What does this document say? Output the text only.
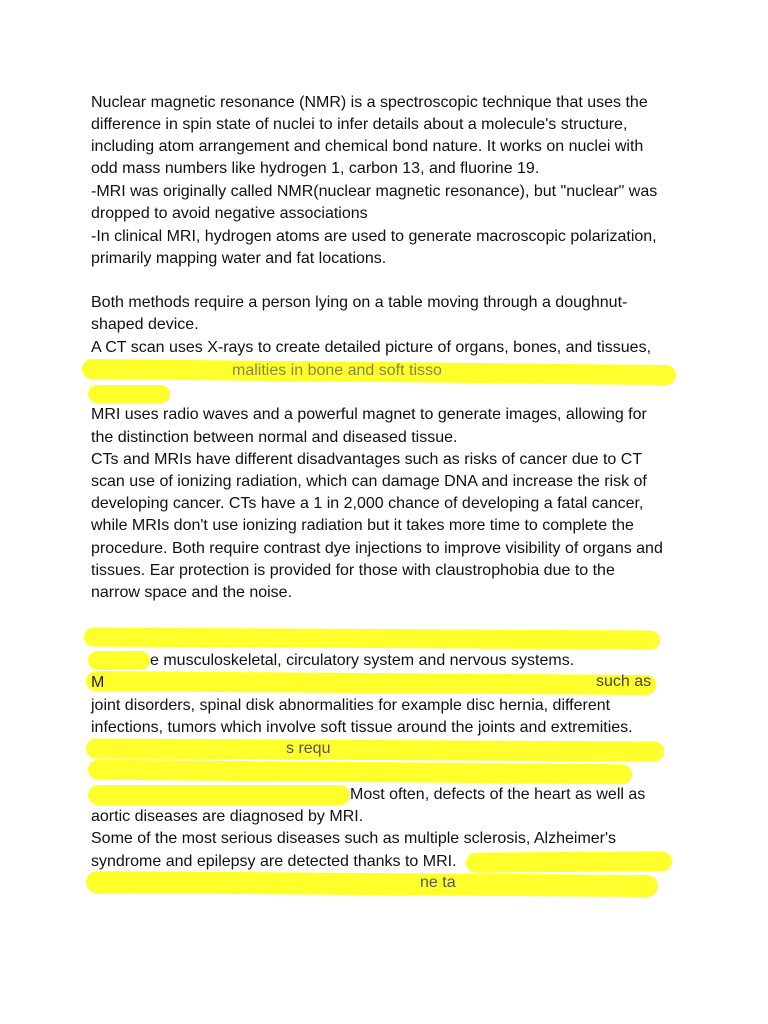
Nuclear magnetic resonance (NMR) is a spectroscopic technique that uses the
difference in spin state of nuclei to infer details about a molecule's structure,
including atom arrangement and chemical bond nature. It works on nuclei with
odd mass numbers like hydrogen 1, carbon 13, and fluorine 19.
-MRI was originally called NMR(nuclear magnetic resonance), but "nuclear" was
dropped to avoid negative associations
-In clinical MRI, hydrogen atoms are used to generate macroscopic polarization,
primarily mapping water and fat locations.
Both methods require a person lying on a table moving through a doughnut-
shaped device.
A CT scan uses X-rays to create detailed picture of organs, bones, and tissues,
malities in bone and soft tisso
MRI uses radio waves and a powerful magnet to generate images, allowing for
the distinction between normal and diseased tissue.
CTs and MRIs have different disadvantages such as risks of cancer due to CT
scan use of ionizing radiation, which can damage DNA and increase the risk of
developing cancer. CTs have a 1 in 2,000 chance of developing a fatal cancer,
while MRIs don't use ionizing radiation but it takes more time to complete the
procedure. Both require contrast dye injections to improve visibility of organs and
tissues. Ear protection is provided for those with claustrophobia due to the
narrow space and the noise.
e musculoskeletal, circulatory system and nervous systems.
M	such as
joint disorders, spinal disk abnormalities for example disc hernia, different
infections, tumors which involve soft tissue around the joints and extremities.
s requ
Most often, defects of the heart as well as
aortic diseases are diagnosed by MRI.
Some of the most serious diseases such as multiple sclerosis, Alzheimer's
syndrome and epilepsy are detected thanks to MRI.
ne ta
